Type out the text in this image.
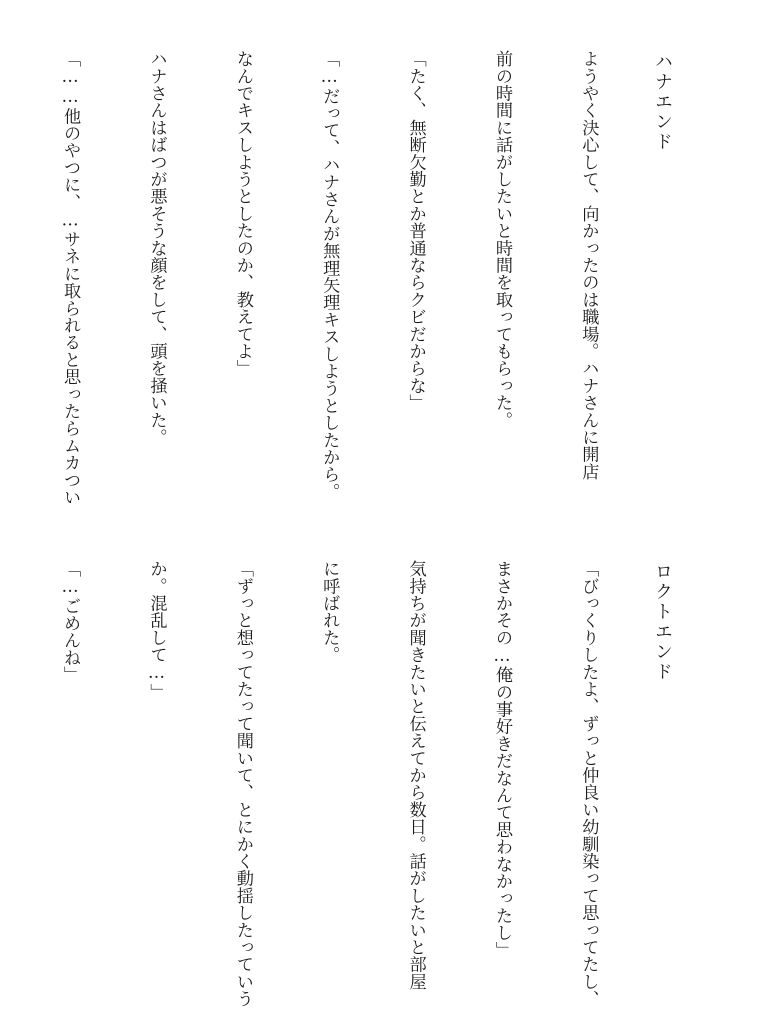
ハナエンド

ようやく決心して、向かったのは職場。ハナさんに開店

前の時間に話がしたいと時間を取ってもらった。

「たく、無断欠勤とか普通ならクビだからな」

「…だって、ハナさんが無理矢理キスしようとしたから。

なんでキスしようとしたのか、教えてよ」

ハナさんはばつが悪そうな顔をして、頭を掻いた。

「……他のやつに、…サネに取られると思ったらムカつい

ロクトエンド

「びっくりしたよ、ずっと仲良い幼馴染って思ってたし、

まさかその…俺の事好きだなんて思わなかったし」

気持ちが聞きたいと伝えてから数日。話がしたいと部屋

に呼ばれた。

「ずっと想ってたって聞いて、とにかく動揺したっていう

か。混乱して…」

「…ごめんね」
